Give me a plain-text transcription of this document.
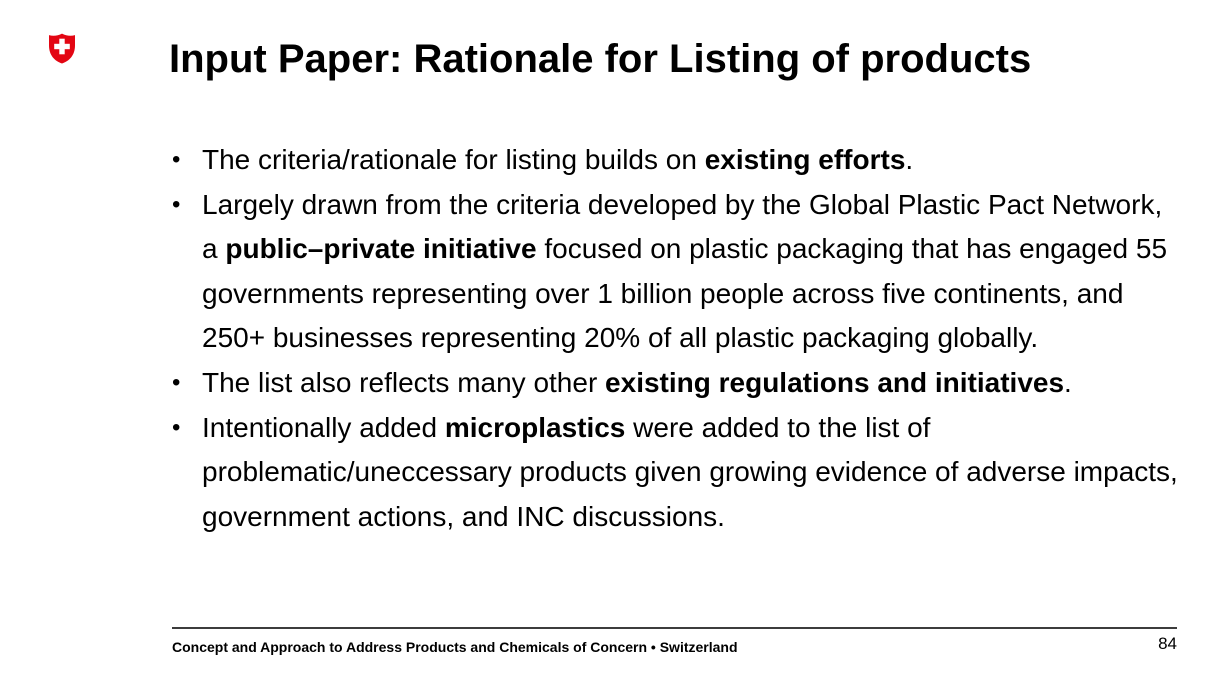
Input Paper: Rationale for Listing of products
• The criteria/rationale for listing builds on existing efforts.
• Largely drawn from the criteria developed by the Global Plastic Pact Network, a public–private initiative focused on plastic packaging that has engaged 55 governments representing over 1 billion people across five continents, and 250+ businesses representing 20% of all plastic packaging globally.
• The list also reflects many other existing regulations and initiatives.
• Intentionally added microplastics were added to the list of problematic/uneccessary products given growing evidence of adverse impacts, government actions, and INC discussions.
Concept and Approach to Address Products and Chemicals of Concern • Switzerland	84
